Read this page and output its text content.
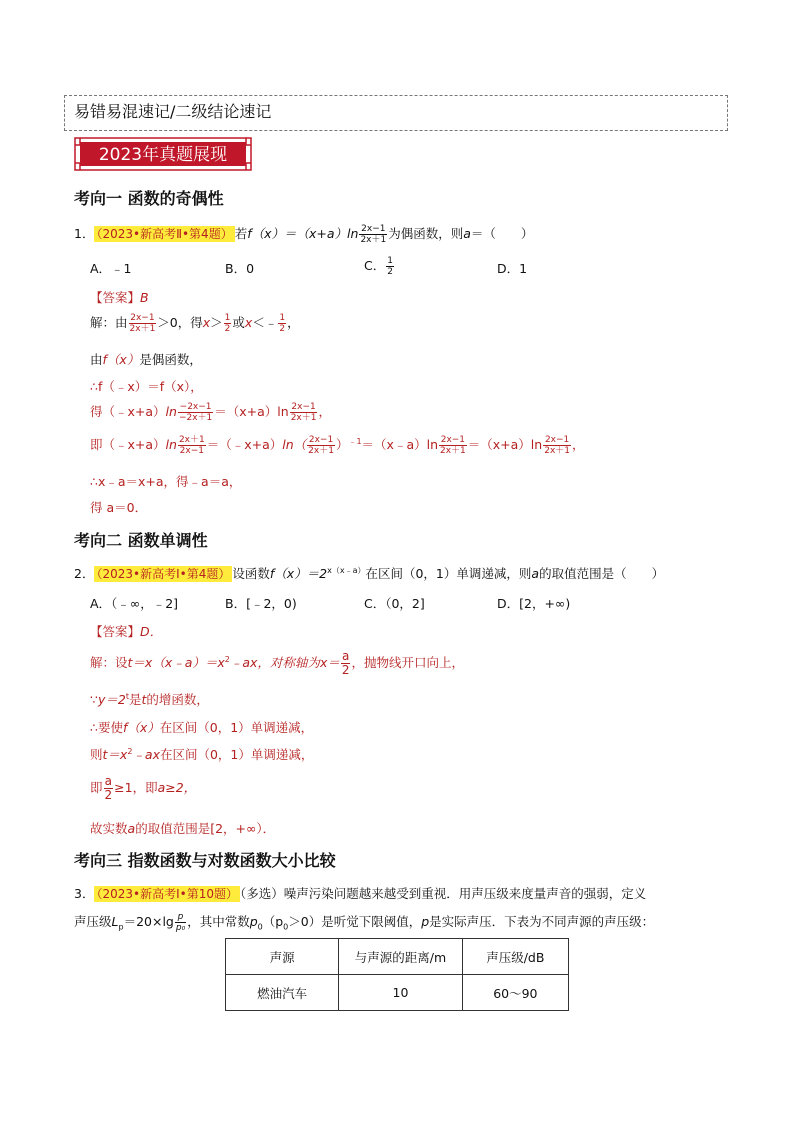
易错易混速记/二级结论速记
2023年真题展现
考向一 函数的奇偶性
1． （2023•新高考Ⅱ•第4题） 若$f(x)=(x+a)\ln \frac{2x-1}{2x+1}$ 为偶函数，则a＝（　　）
A．﹣1	B．0	C． $\frac{1}{2}$	D．1
【答案】B
解：由 $\frac{2x-1}{2x+1} >0$，得$x> \frac{1}{2}$ 或x＜﹣ $\frac{1}{2}$ ，
由f（x）是偶函数，
∴f（﹣x）＝f（x），
得（﹣x+a）ln $\frac{-2x-1}{-2x+1} =(x+a)\ln \frac{2x-1}{2x+1}$ ，
即（﹣x+a）ln $\frac{2x+1}{2x-1}$ ＝（﹣x+a）ln（ $\frac{2x-1}{2x+1}$ ）$^{﹣1}$＝（x﹣a）ln $\frac{2x-1}{2x+1} =(x+a)\ln \frac{2x-1}{2x+1}$ ，
∴x﹣a＝x+a，得﹣a＝a，
得 a＝0．
考向二 函数单调性
2． （2023•新高考Ⅰ•第4题） 设函数$f(x)=2^{x(x﹣a)}$在区间（0，1）单调递减，则a的取值范围是（　　）
A．（﹣∞，﹣2]	B．[﹣2，0)	C．（0，2]	D．[2，+∞)
【答案】D．
解：设$t=x(x﹣a)=x^2﹣ax$，对称轴为$x= \frac{a}{2}$ ，抛物线开口向上，
$\because y=2^t$是t的增函数，
∴要使f（x）在区间（0，1）单调递减，
则$t=x^2﹣ax$在区间（0，1）单调递减，
即 $\frac{a}{2} \ge 1$，即a≥2，
故实数a的取值范围是[2，+∞）．
考向三 指数函数与对数函数大小比较
3． （2023•新高考Ⅰ•第10题） （多选）噪声污染问题越来越受到重视．用声压级来度量声音的强弱，定义
声压级$L_p=20\times\lg \frac{p}{\text{p₀}}$ ，其中常数$p_0(p_0>0)$是听觉下限阈值，p是实际声压．下表为不同声源的声压级：
声源	与声源的距离/m	声压级/dB
燃油汽车	10	60～90
